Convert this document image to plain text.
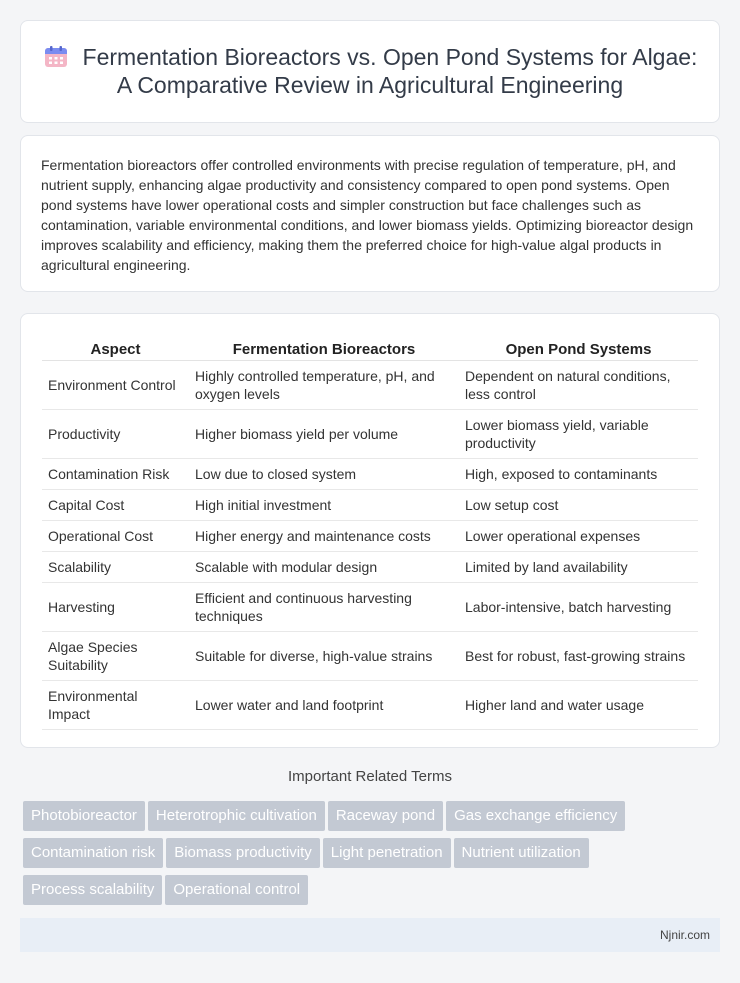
Fermentation Bioreactors vs. Open Pond Systems for Algae: A Comparative Review in Agricultural Engineering

Fermentation bioreactors offer controlled environments with precise regulation of temperature, pH, and nutrient supply, enhancing algae productivity and consistency compared to open pond systems. Open pond systems have lower operational costs and simpler construction but face challenges such as contamination, variable environmental conditions, and lower biomass yields. Optimizing bioreactor design improves scalability and efficiency, making them the preferred choice for high-value algal products in agricultural engineering.

Aspect	Fermentation Bioreactors	Open Pond Systems
Environment Control	Highly controlled temperature, pH, and oxygen levels	Dependent on natural conditions, less control
Productivity	Higher biomass yield per volume	Lower biomass yield, variable productivity
Contamination Risk	Low due to closed system	High, exposed to contaminants
Capital Cost	High initial investment	Low setup cost
Operational Cost	Higher energy and maintenance costs	Lower operational expenses
Scalability	Scalable with modular design	Limited by land availability
Harvesting	Efficient and continuous harvesting techniques	Labor-intensive, batch harvesting
Algae Species Suitability	Suitable for diverse, high-value strains	Best for robust, fast-growing strains
Environmental Impact	Lower water and land footprint	Higher land and water usage
Important Related Terms
Photobioreactor Heterotrophic cultivation Raceway pond Gas exchange efficiency
Contamination risk Biomass productivity Light penetration Nutrient utilization
Process scalability Operational control
Njnir.com
